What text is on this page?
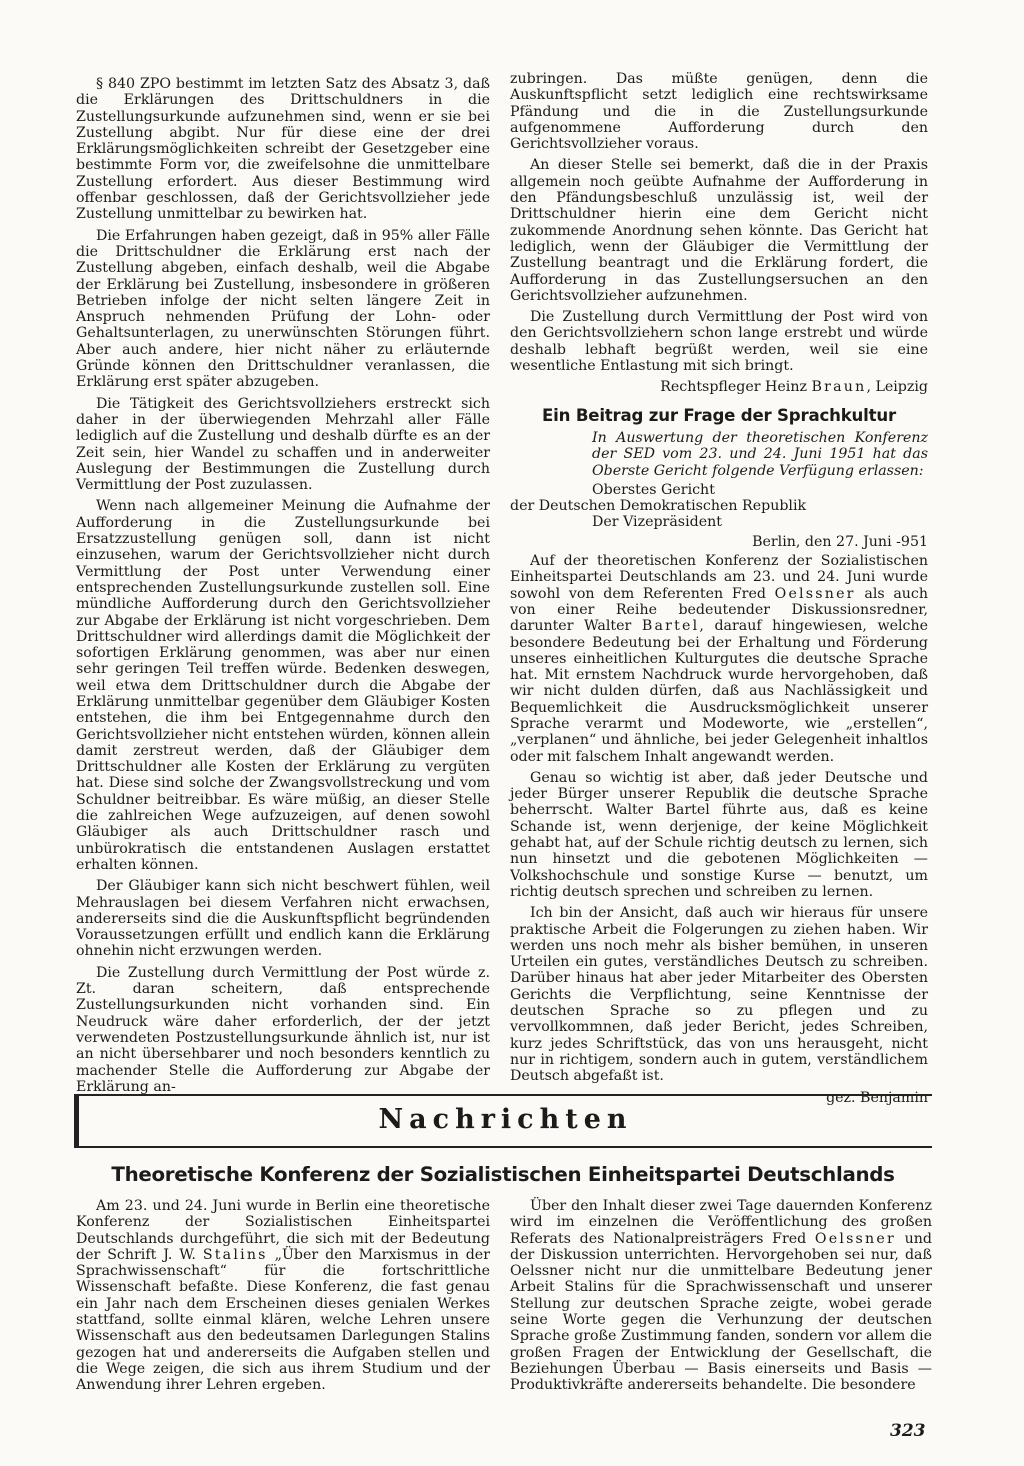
§ 840 ZPO bestimmt im letzten Satz des Absatz 3, daß die Erklärungen des Drittschuldners in die Zustellungsurkunde aufzunehmen sind, wenn er sie bei Zustellung abgibt. Nur für diese eine der drei Erklärungsmöglichkeiten schreibt der Gesetzgeber eine bestimmte Form vor, die zweifelsohne die unmittelbare Zustellung erfordert. Aus dieser Bestimmung wird offenbar geschlossen, daß der Gerichtsvollzieher jede Zustellung unmittelbar zu bewirken hat.

Die Erfahrungen haben gezeigt, daß in 95% aller Fälle die Drittschuldner die Erklärung erst nach der Zustellung abgeben, einfach deshalb, weil die Abgabe der Erklärung bei Zustellung, insbesondere in größeren Betrieben infolge der nicht selten längere Zeit in Anspruch nehmenden Prüfung der Lohn- oder Gehaltsunterlagen, zu unerwünschten Störungen führt. Aber auch andere, hier nicht näher zu erläuternde Gründe können den Drittschuldner veranlassen, die Erklärung erst später abzugeben.

Die Tätigkeit des Gerichtsvollziehers erstreckt sich daher in der überwiegenden Mehrzahl aller Fälle lediglich auf die Zustellung und deshalb dürfte es an der Zeit sein, hier Wandel zu schaffen und in anderweiter Auslegung der Bestimmungen die Zustellung durch Vermittlung der Post zuzulassen.

Wenn nach allgemeiner Meinung die Aufnahme der Aufforderung in die Zustellungsurkunde bei Ersatzzustellung genügen soll, dann ist nicht einzusehen, warum der Gerichtsvollzieher nicht durch Vermittlung der Post unter Verwendung einer entsprechenden Zustellungsurkunde zustellen soll. Eine mündliche Aufforderung durch den Gerichtsvollzieher zur Abgabe der Erklärung ist nicht vorgeschrieben. Dem Drittschuldner wird allerdings damit die Möglichkeit der sofortigen Erklärung genommen, was aber nur einen sehr geringen Teil treffen würde. Bedenken deswegen, weil etwa dem Drittschuldner durch die Abgabe der Erklärung unmittelbar gegenüber dem Gläubiger Kosten entstehen, die ihm bei Entgegennahme durch den Gerichtsvollzieher nicht entstehen würden, können allein damit zerstreut werden, daß der Gläubiger dem Drittschuldner alle Kosten der Erklärung zu vergüten hat. Diese sind solche der Zwangsvollstreckung und vom Schuldner beitreibbar. Es wäre müßig, an dieser Stelle die zahlreichen Wege aufzuzeigen, auf denen sowohl Gläubiger als auch Drittschuldner rasch und unbürokratisch die entstandenen Auslagen erstattet erhalten können.

Der Gläubiger kann sich nicht beschwert fühlen, weil Mehrauslagen bei diesem Verfahren nicht erwachsen, andererseits sind die die Auskunftspflicht begründenden Voraussetzungen erfüllt und endlich kann die Erklärung ohnehin nicht erzwungen werden.

Die Zustellung durch Vermittlung der Post würde z. Zt. daran scheitern, daß entsprechende Zustellungsurkunden nicht vorhanden sind. Ein Neudruck wäre daher erforderlich, der der jetzt verwendeten Postzustellungsurkunde ähnlich ist, nur ist an nicht übersehbarer und noch besonders kenntlich zu machender Stelle die Aufforderung zur Abgabe der Erklärung an-

zubringen. Das müßte genügen, denn die Auskunftspflicht setzt lediglich eine rechtswirksame Pfändung und die in die Zustellungsurkunde aufgenommene Aufforderung durch den Gerichtsvollzieher voraus.

An dieser Stelle sei bemerkt, daß die in der Praxis allgemein noch geübte Aufnahme der Aufforderung in den Pfändungsbeschluß unzulässig ist, weil der Drittschuldner hierin eine dem Gericht nicht zukommende Anordnung sehen könnte. Das Gericht hat lediglich, wenn der Gläubiger die Vermittlung der Zustellung beantragt und die Erklärung fordert, die Aufforderung in das Zustellungsersuchen an den Gerichtsvollzieher aufzunehmen.

Die Zustellung durch Vermittlung der Post wird von den Gerichtsvollziehern schon lange erstrebt und würde deshalb lebhaft begrüßt werden, weil sie eine wesentliche Entlastung mit sich bringt.

Rechtspfleger Heinz Braun, Leipzig

Ein Beitrag zur Frage der Sprachkultur

In Auswertung der theoretischen Konferenz der SED vom 23. und 24. Juni 1951 hat das Oberste Gericht folgende Verfügung erlassen:

Oberstes Gericht

der Deutschen Demokratischen Republik

Der Vizepräsident

Berlin, den 27. Juni -951

Auf der theoretischen Konferenz der Sozialistischen Einheitspartei Deutschlands am 23. und 24. Juni wurde sowohl von dem Referenten Fred Oelssner als auch von einer Reihe bedeutender Diskussionsredner, darunter Walter Bartel, darauf hingewiesen, welche besondere Bedeutung bei der Erhaltung und Förderung unseres einheitlichen Kulturgutes die deutsche Sprache hat. Mit ernstem Nachdruck wurde hervorgehoben, daß wir nicht dulden dürfen, daß aus Nachlässigkeit und Bequemlichkeit die Ausdrucksmöglichkeit unserer Sprache verarmt und Modeworte, wie „erstellen“, „verplanen“ und ähnliche, bei jeder Gelegenheit inhaltlos oder mit falschem Inhalt angewandt werden.

Genau so wichtig ist aber, daß jeder Deutsche und jeder Bürger unserer Republik die deutsche Sprache beherrscht. Walter Bartel führte aus, daß es keine Schande ist, wenn derjenige, der keine Möglichkeit gehabt hat, auf der Schule richtig deutsch zu lernen, sich nun hinsetzt und die gebotenen Möglichkeiten — Volkshochschule und sonstige Kurse — benutzt, um richtig deutsch sprechen und schreiben zu lernen.

Ich bin der Ansicht, daß auch wir hieraus für unsere praktische Arbeit die Folgerungen zu ziehen haben. Wir werden uns noch mehr als bisher bemühen, in unseren Urteilen ein gutes, verständliches Deutsch zu schreiben. Darüber hinaus hat aber jeder Mitarbeiter des Obersten Gerichts die Verpflichtung, seine Kenntnisse der deutschen Sprache so zu pflegen und zu vervollkommnen, daß jeder Bericht, jedes Schreiben, kurz jedes Schriftstück, das von uns herausgeht, nicht nur in richtigem, sondern auch in gutem, verständlichem Deutsch abgefaßt ist.

gez. Benjamin

Nachrichten
Theoretische Konferenz der Sozialistischen Einheitspartei Deutschlands

Am 23. und 24. Juni wurde in Berlin eine theoretische Konferenz der Sozialistischen Einheitspartei Deutschlands durchgeführt, die sich mit der Bedeutung der Schrift J. W. Stalins „Über den Marxismus in der Sprachwissenschaft“ für die fortschrittliche Wissenschaft befaßte. Diese Konferenz, die fast genau ein Jahr nach dem Erscheinen dieses genialen Werkes stattfand, sollte einmal klären, welche Lehren unsere Wissenschaft aus den bedeutsamen Darlegungen Stalins gezogen hat und andererseits die Aufgaben stellen und die Wege zeigen, die sich aus ihrem Studium und der Anwendung ihrer Lehren ergeben.

Über den Inhalt dieser zwei Tage dauernden Konferenz wird im einzelnen die Veröffentlichung des großen Referats des Nationalpreisträgers Fred Oelssner und der Diskussion unterrichten. Hervorgehoben sei nur, daß Oelssner nicht nur die unmittelbare Bedeutung jener Arbeit Stalins für die Sprachwissenschaft und unserer Stellung zur deutschen Sprache zeigte, wobei gerade seine Worte gegen die Verhunzung der deutschen Sprache große Zustimmung fanden, sondern vor allem die großen Fragen der Entwicklung der Gesellschaft, die Beziehungen Überbau — Basis einerseits und Basis — Produktivkräfte andererseits behandelte. Die besondere

323
